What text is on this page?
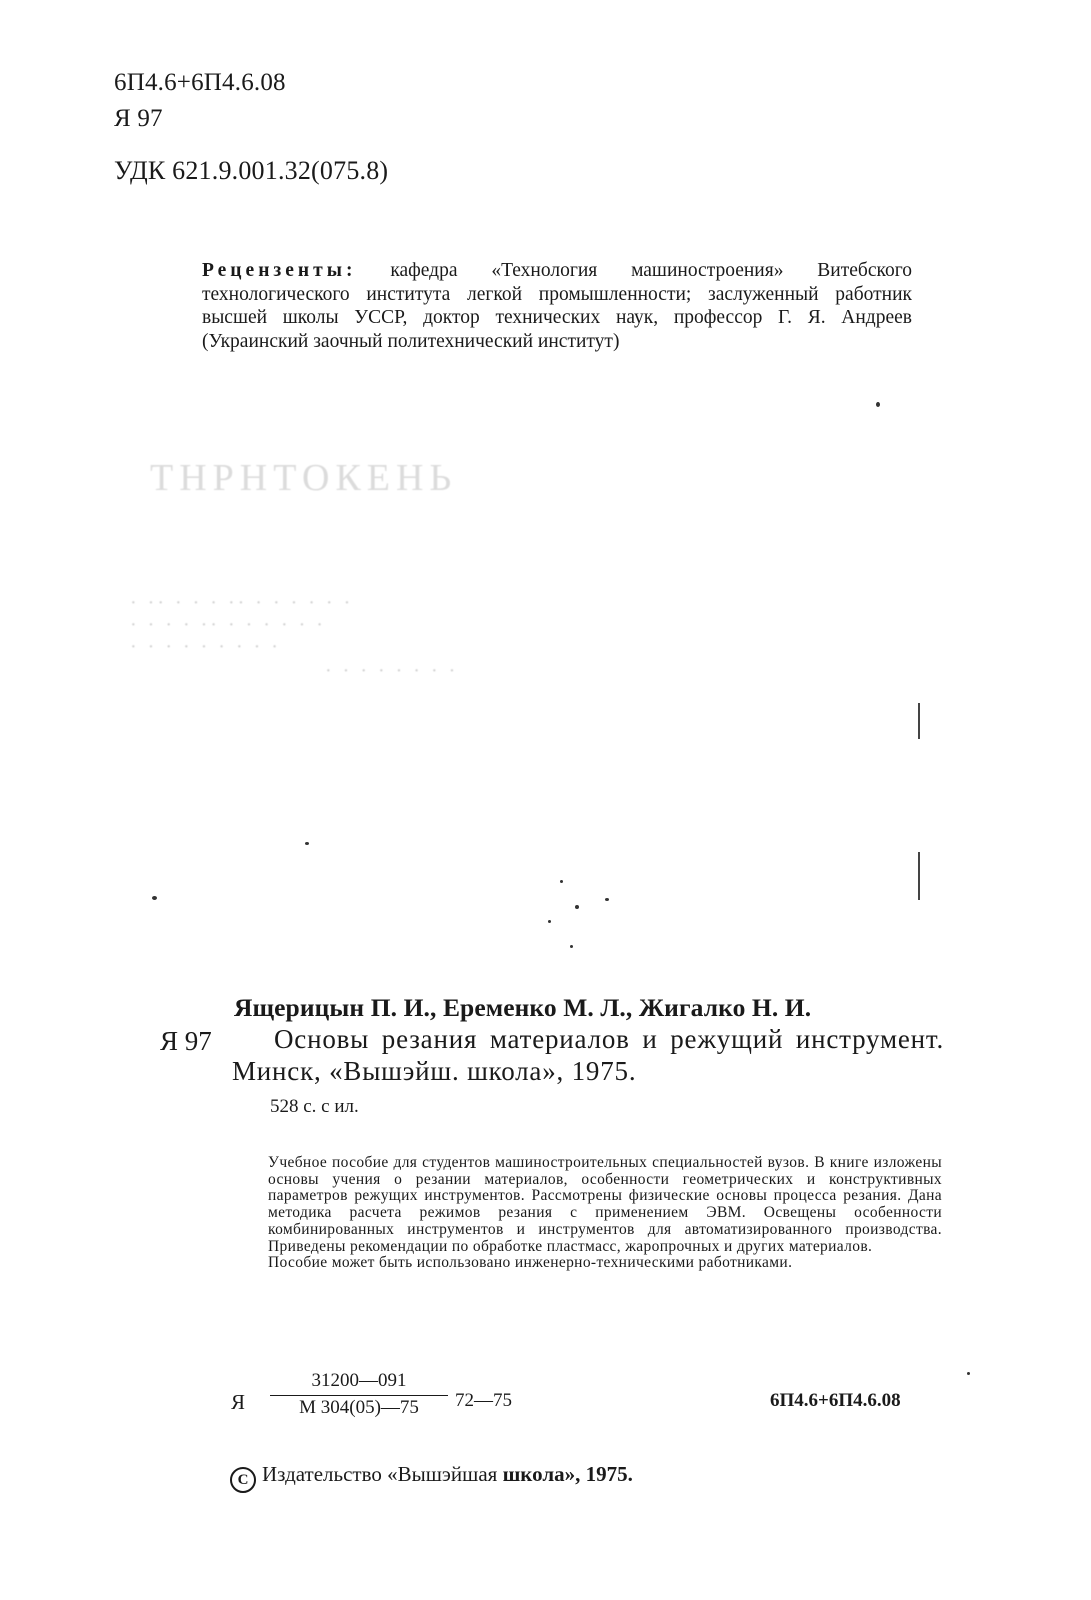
ТНРНТОКЕНЬ
· ·· · · · ·· · · · · · ·
· · · · ·· · · · · · ·
· · · · · · · · ·
· · · · · · · ·
6П4.6+6П4.6.08
Я 97
УДК 621.9.001.32(075.8)
Рецензенты: кафедра «Технология машиностроения» Витебского технологического института легкой промышленности; заслуженный работник высшей школы УССР, доктор технических наук, профессор Г. Я. Андреев (Украинский заочный политехнический институт)
Ящерицын П. И., Еременко М. Л., Жигалко Н. И.
Я 97	Основы резания материалов и режущий инструмент. Минск, «Вышэйш. школа», 1975.
528 с. с ил.

Учебное пособие для студентов машиностроительных специальностей вузов. В книге изложены основы учения о резании материалов, особенности геометрических и конструктивных параметров режущих инструментов. Рассмотрены физические основы процесса резания. Дана методика расчета режимов резания с применением ЭВМ. Освещены особенности комбинированных инструментов и инструментов для автоматизированного производства. Приведены рекомендации по обработке пластмасс, жаропрочных и других материалов.

Пособие может быть использовано инженерно-техническими работниками.

Я
31200—091
М 304(05)—75	72—75	6П4.6+6П4.6.08
C Издательство «Вышэйшая школа», 1975.
